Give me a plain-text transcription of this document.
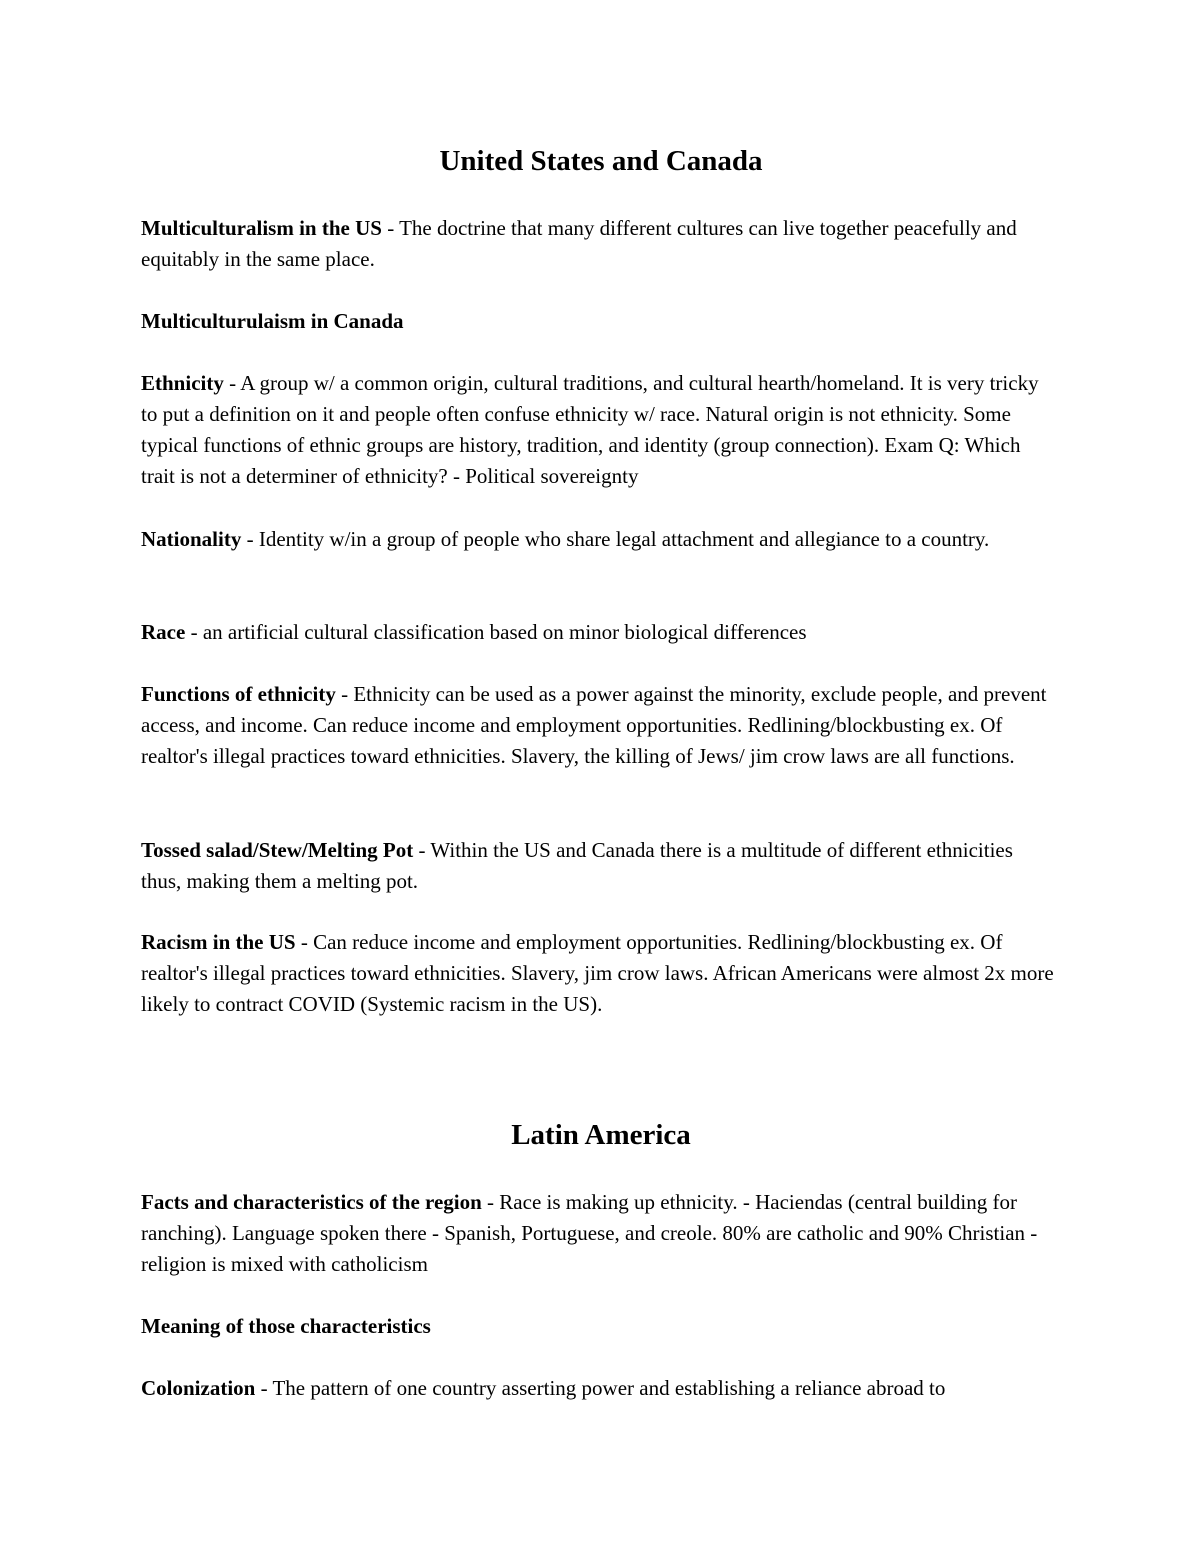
United States and Canada

Multiculturalism in the US - The doctrine that many different cultures can live together peacefully and equitably in the same place.

Multiculturulaism in Canada

Ethnicity - A group w/ a common origin, cultural traditions, and cultural hearth/homeland. It is very tricky to put a definition on it and people often confuse ethnicity w/ race. Natural origin is not ethnicity. Some typical functions of ethnic groups are history, tradition, and identity (group connection). Exam Q: Which trait is not a determiner of ethnicity? - Political sovereignty

Nationality - Identity w/in a group of people who share legal attachment and allegiance to a country.

Race - an artificial cultural classification based on minor biological differences

Functions of ethnicity - Ethnicity can be used as a power against the minority, exclude people, and prevent access, and income. Can reduce income and employment opportunities. Redlining/blockbusting ex. Of realtor's illegal practices toward ethnicities. Slavery, the killing of Jews/ jim crow laws are all functions.

Tossed salad/Stew/Melting Pot - Within the US and Canada there is a multitude of different ethnicities thus, making them a melting pot.

Racism in the US - Can reduce income and employment opportunities. Redlining/blockbusting ex. Of realtor's illegal practices toward ethnicities. Slavery, jim crow laws. African Americans were almost 2x more likely to contract COVID (Systemic racism in the US).

Latin America

Facts and characteristics of the region - Race is making up ethnicity. - Haciendas (central building for ranching). Language spoken there - Spanish, Portuguese, and creole. 80% are catholic and 90% Christian - religion is mixed with catholicism

Meaning of those characteristics

Colonization - The pattern of one country asserting power and establishing a reliance abroad to
